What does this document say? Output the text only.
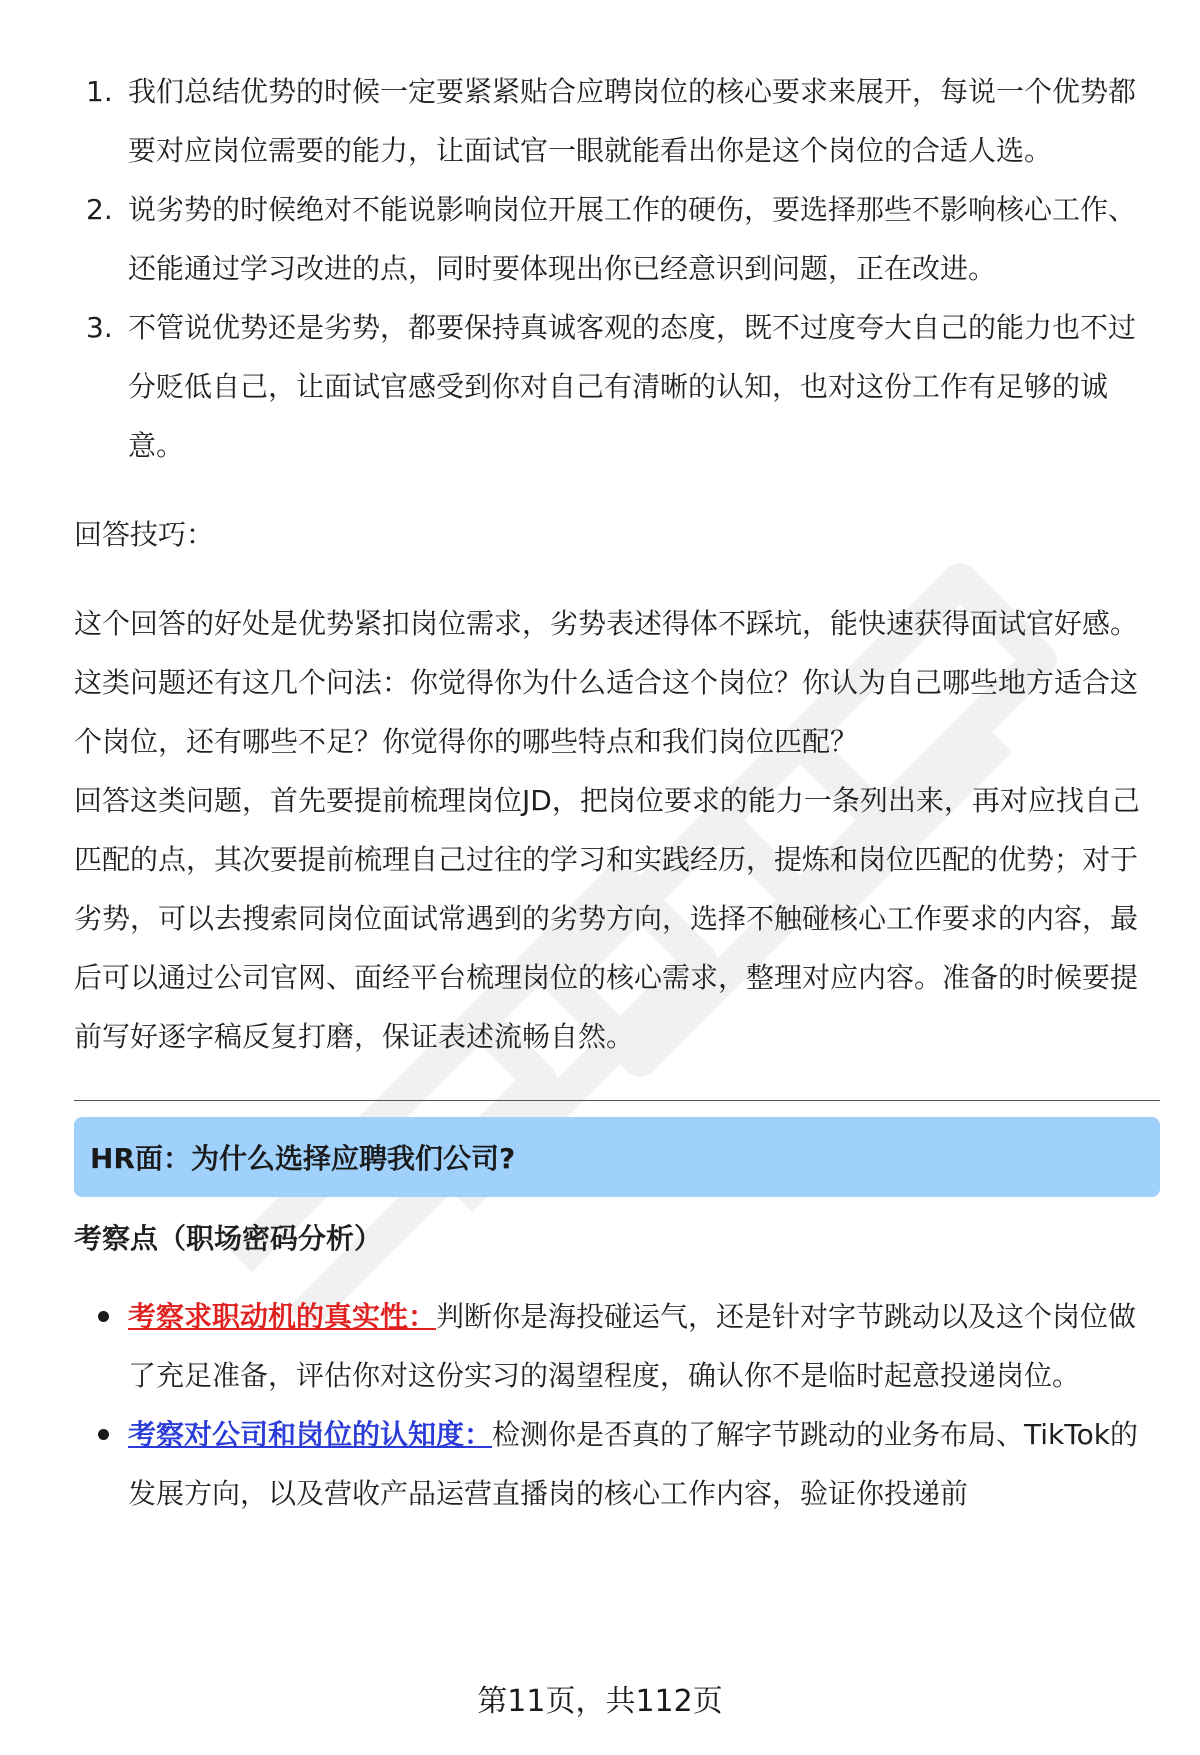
1. 我们总结优势的时候一定要紧紧贴合应聘岗位的核心要求来展开，每说一个优势都要对应岗位需要的能力，让面试官一眼就能看出你是这个岗位的合适人选。
2. 说劣势的时候绝对不能说影响岗位开展工作的硬伤，要选择那些不影响核心工作、还能通过学习改进的点，同时要体现出你已经意识到问题，正在改进。
3. 不管说优势还是劣势，都要保持真诚客观的态度，既不过度夸大自己的能力也不过分贬低自己，让面试官感受到你对自己有清晰的认知，也对这份工作有足够的诚意。

回答技巧：

这个回答的好处是优势紧扣岗位需求，劣势表述得体不踩坑，能快速获得面试官好感。这类问题还有这几个问法：你觉得你为什么适合这个岗位？你认为自己哪些地方适合这个岗位，还有哪些不足？你觉得你的哪些特点和我们岗位匹配？

回答这类问题，首先要提前梳理岗位JD，把岗位要求的能力一条列出来，再对应找自己匹配的点，其次要提前梳理自己过往的学习和实践经历，提炼和岗位匹配的优势；对于劣势，可以去搜索同岗位面试常遇到的劣势方向，选择不触碰核心工作要求的内容，最后可以通过公司官网、面经平台梳理岗位的核心需求，整理对应内容。准备的时候要提前写好逐字稿反复打磨，保证表述流畅自然。

HR面：为什么选择应聘我们公司?
考察点（职场密码分析）
考察求职动机的真实性：判断你是海投碰运气，还是针对字节跳动以及这个岗位做了充足准备，评估你对这份实习的渴望程度，确认你不是临时起意投递岗位。
考察对公司和岗位的认知度：检测你是否真的了解字节跳动的业务布局、TikTok的发展方向，以及营收产品运营直播岗的核心工作内容，验证你投递前
第11页，共112页
